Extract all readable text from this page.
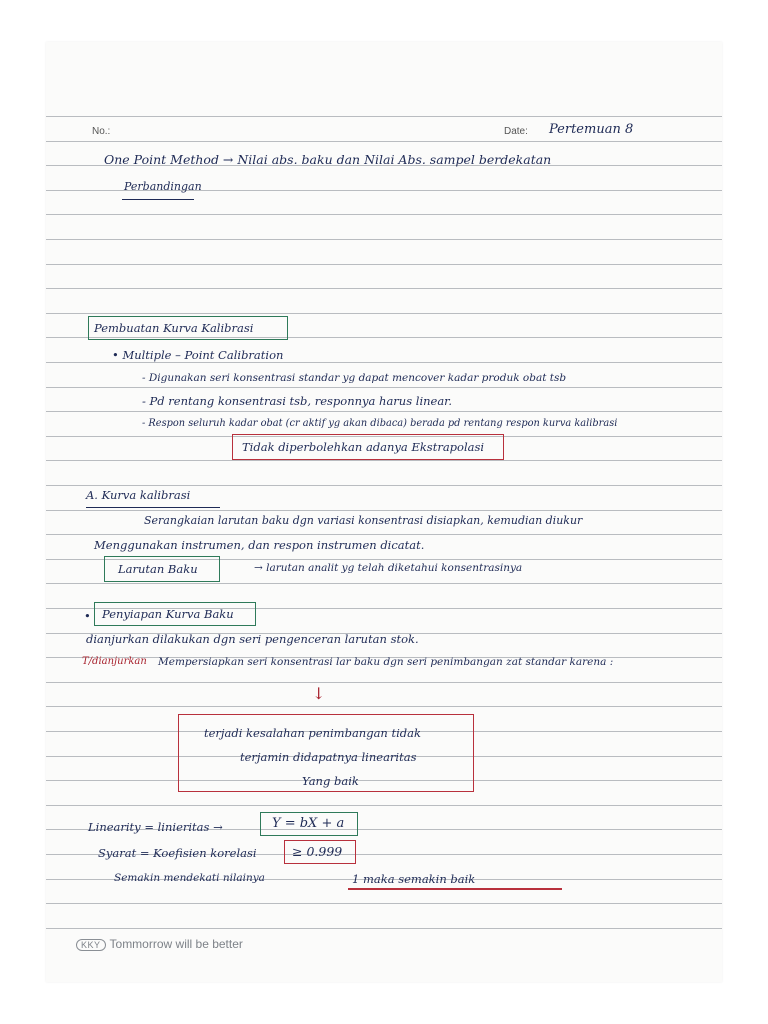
No.:	Date: Pertemuan 8
One Point Method → Nilai abs. baku dan Nilai Abs. sampel berdekatan
Perbandingan
Pembuatan Kurva Kalibrasi
• Multiple – Point Calibration
- Digunakan seri konsentrasi standar yg dapat mencover kadar produk obat tsb
- Pd rentang konsentrasi tsb, responnya harus linear.
- Respon seluruh kadar obat (cr aktif yg akan dibaca) berada pd rentang respon kurva kalibrasi
Tidak diperbolehkan adanya Ekstrapolasi
A. Kurva kalibrasi
Serangkaian larutan baku dgn variasi konsentrasi disiapkan, kemudian diukur
Menggunakan instrumen, dan respon instrumen dicatat.
Larutan Baku	→ larutan analit yg telah diketahui konsentrasinya
• Penyiapan Kurva Baku
dianjurkan dilakukan dgn seri pengenceran larutan stok.
T/dianjurkan Mempersiapkan seri konsentrasi lar baku dgn seri penimbangan zat standar karena :
↓
terjadi kesalahan penimbangan tidak
terjamin didapatnya linearitas
Yang baik
Linearity = linieritas →	Y = bX + a
Syarat = Koefisien korelasi	≥ 0.999
Semakin mendekati nilainya	1 maka semakin baik
KKY Tommorrow will be better
